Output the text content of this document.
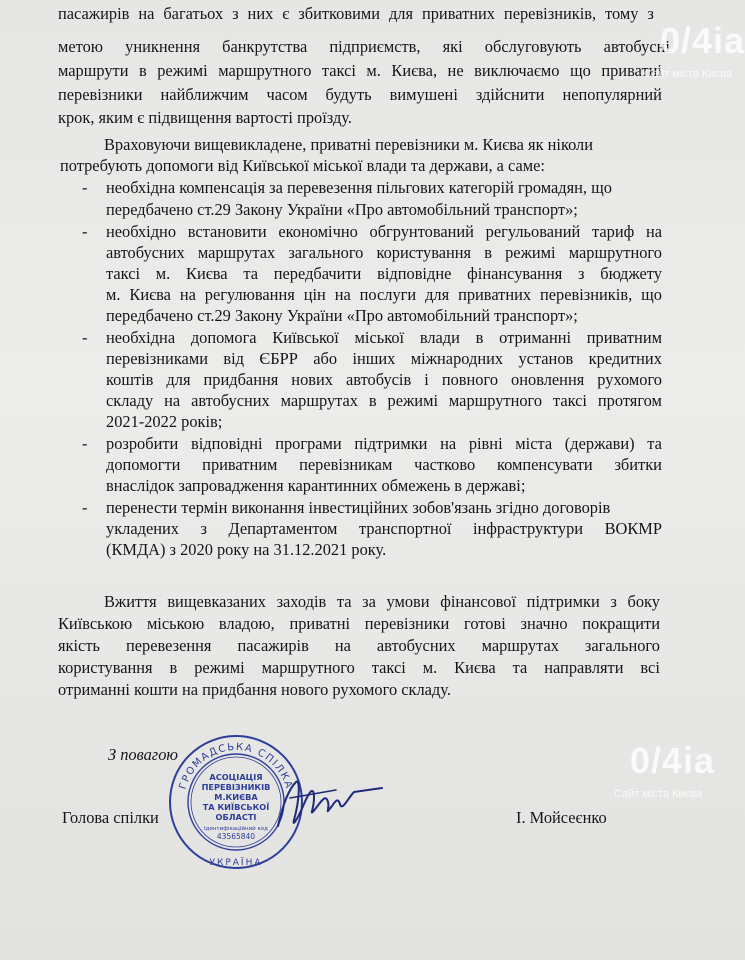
пасажирів на багатьох з них є збитковими для приватних перевізників, тому з
метою уникнення банкрутства підприємств, які обслуговують автобусні
маршрути в режимі маршрутного таксі м. Києва, не виключаємо що приватні
перевізники найближчим часом будуть вимушені здійснити непопулярний
крок, яким є підвищення вартості проїзду.
Враховуючи вищевикладене, приватні перевізники м. Києва як ніколи
потребують допомоги від Київської міської влади та держави, а саме:
- необхідна компенсація за перевезення пільгових категорій громадян, що
передбачено ст.29 Закону України «Про автомобільний транспорт»;
- необхідно встановити економічно обгрунтований регульований тариф на
автобусних маршрутах загального користування в режимі маршрутного
таксі м. Києва та передбачити відповідне фінансування з бюджету
м. Києва на регулювання цін на послуги для приватних перевізників, що
передбачено ст.29 Закону України «Про автомобільний транспорт»;
- необхідна допомога Київської міської влади в отриманні приватним
перевізниками від ЄБРР або інших міжнародних установ кредитних
коштів для придбання нових автобусів і повного оновлення рухомого
складу на автобусних маршрутах в режимі маршрутного таксі протягом
2021-2022 років;
- розробити відповідні програми підтримки на рівні міста (держави) та
допомогти приватним перевізникам частково компенсувати збитки
внаслідок запровадження карантинних обмежень в державі;
- перенести термін виконання інвестиційних зобов'язань згідно договорів
укладених з Департаментом транспортної інфраструктури ВОКМР
(КМДА) з 2020 року на 31.12.2021 року.
Вжиття вищевказаних заходів та за умови фінансової підтримки з боку
Київською міською владою, приватні перевізники готові значно покращити
якість перевезення пасажирів на автобусних маршрутах загального
користування в режимі маршрутного таксі м. Києва та направляти всі
отриманні кошти на придбання нового рухомого складу.
З повагою
Голова спілки	І. Мойсеєнко
ГРОМАДСЬКА СПІЛКА
УКРАЇНА
АСОЦІАЦІЯ
ПЕРЕВІЗНИКІВ
М.КИЄВА
ТА КИЇВСЬКОЇ
ОБЛАСТІ
Ідентифікаційний код
43565840
0/4ia
Сайт міста Києва
0/4ia
Сайт міста Києва
